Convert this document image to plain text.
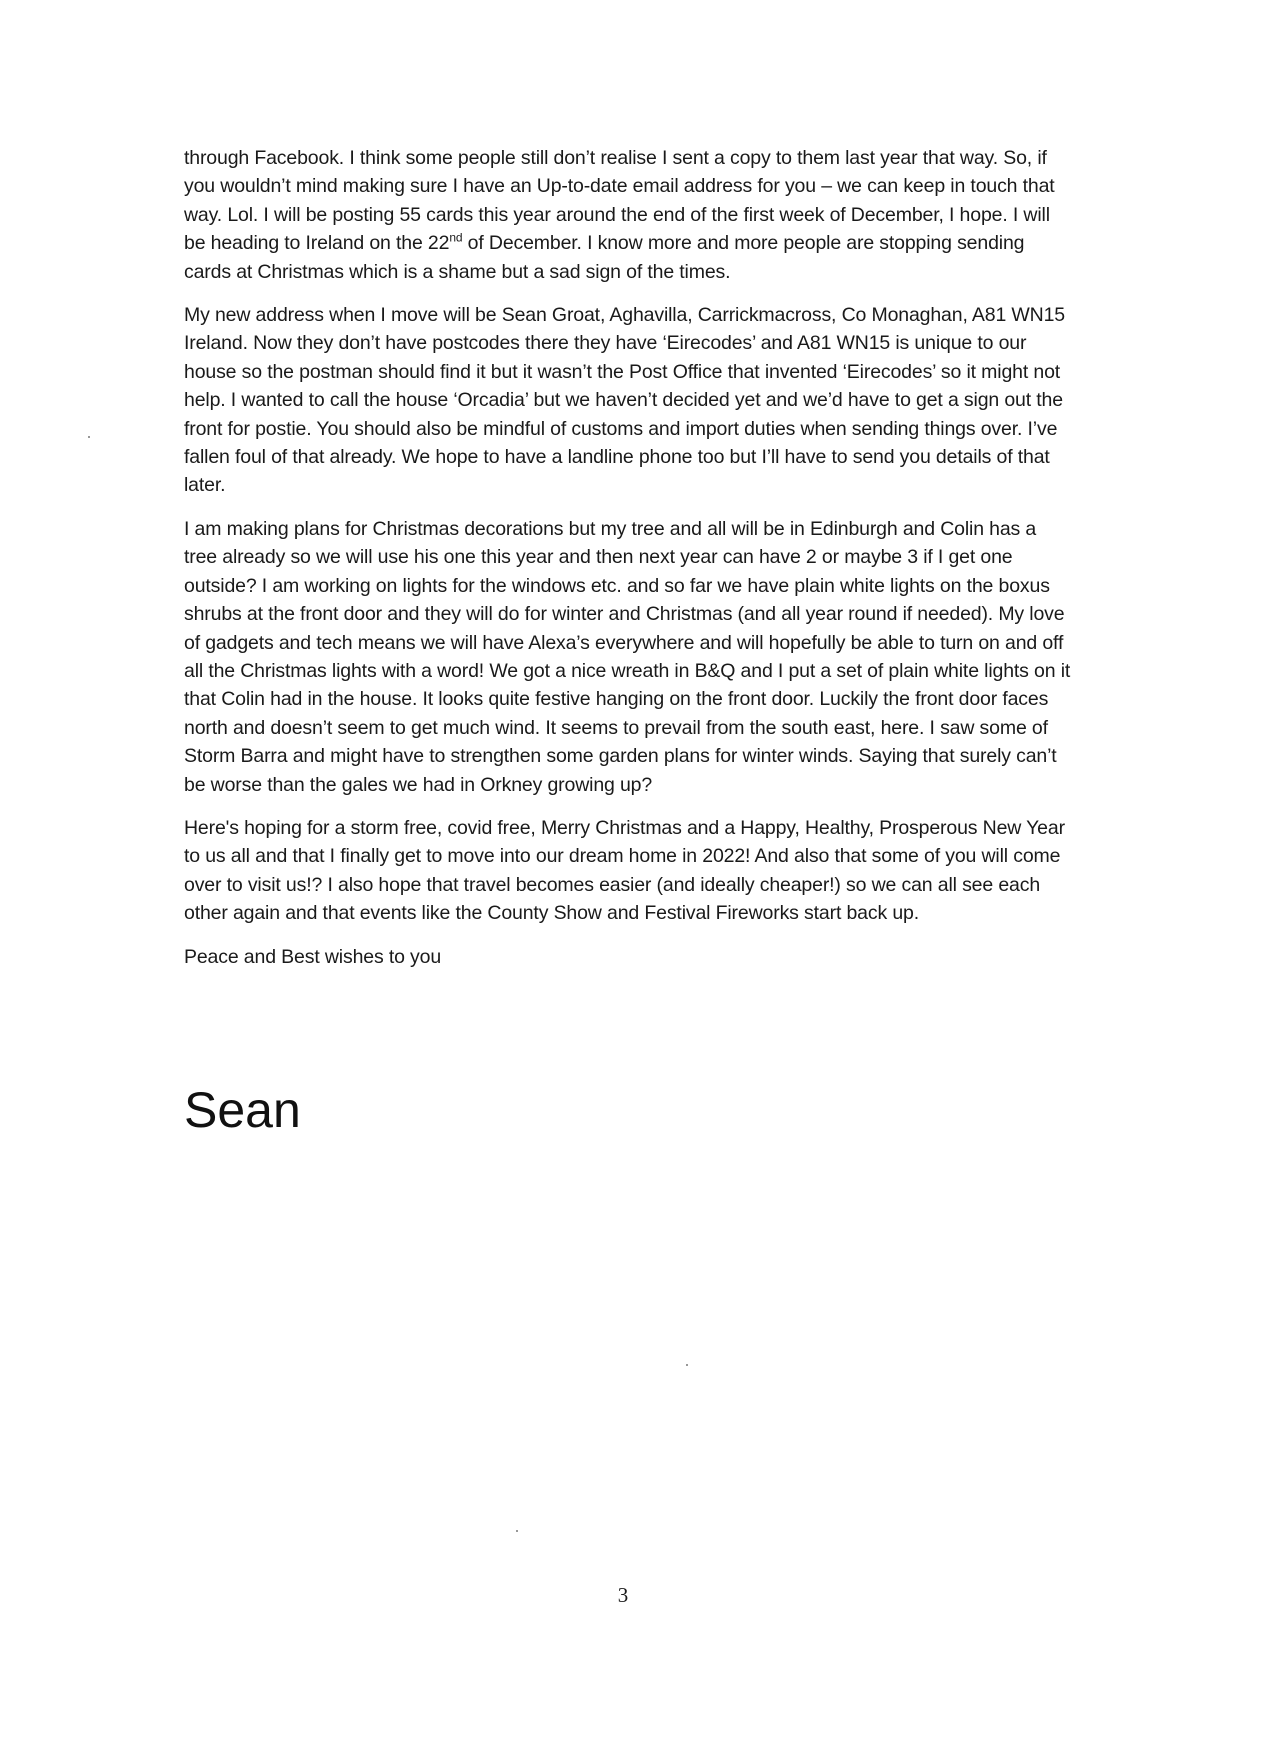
through Facebook. I think some people still don’t realise I sent a copy to them last year that way. So, if you wouldn’t mind making sure I have an Up-to-date email address for you – we can keep in touch that way. Lol. I will be posting 55 cards this year around the end of the first week of December, I hope. I will be heading to Ireland on the 22nd of December. I know more and more people are stopping sending cards at Christmas which is a shame but a sad sign of the times.

My new address when I move will be Sean Groat, Aghavilla, Carrickmacross, Co Monaghan, A81 WN15 Ireland. Now they don’t have postcodes there they have ‘Eirecodes’ and A81 WN15 is unique to our house so the postman should find it but it wasn’t the Post Office that invented ‘Eirecodes’ so it might not help. I wanted to call the house ‘Orcadia’ but we haven’t decided yet and we’d have to get a sign out the front for postie. You should also be mindful of customs and import duties when sending things over. I’ve fallen foul of that already. We hope to have a landline phone too but I’ll have to send you details of that later.

I am making plans for Christmas decorations but my tree and all will be in Edinburgh and Colin has a tree already so we will use his one this year and then next year can have 2 or maybe 3 if I get one outside? I am working on lights for the windows etc. and so far we have plain white lights on the boxus shrubs at the front door and they will do for winter and Christmas (and all year round if needed). My love of gadgets and tech means we will have Alexa’s everywhere and will hopefully be able to turn on and off all the Christmas lights with a word! We got a nice wreath in B&Q and I put a set of plain white lights on it that Colin had in the house. It looks quite festive hanging on the front door. Luckily the front door faces north and doesn’t seem to get much wind. It seems to prevail from the south east, here. I saw some of Storm Barra and might have to strengthen some garden plans for winter winds. Saying that surely can’t be worse than the gales we had in Orkney growing up?

Here's hoping for a storm free, covid free, Merry Christmas and a Happy, Healthy, Prosperous New Year to us all and that I finally get to move into our dream home in 2022! And also that some of you will come over to visit us!? I also hope that travel becomes easier (and ideally cheaper!) so we can all see each other again and that events like the County Show and Festival Fireworks start back up.

Peace and Best wishes to you

Sean
3
